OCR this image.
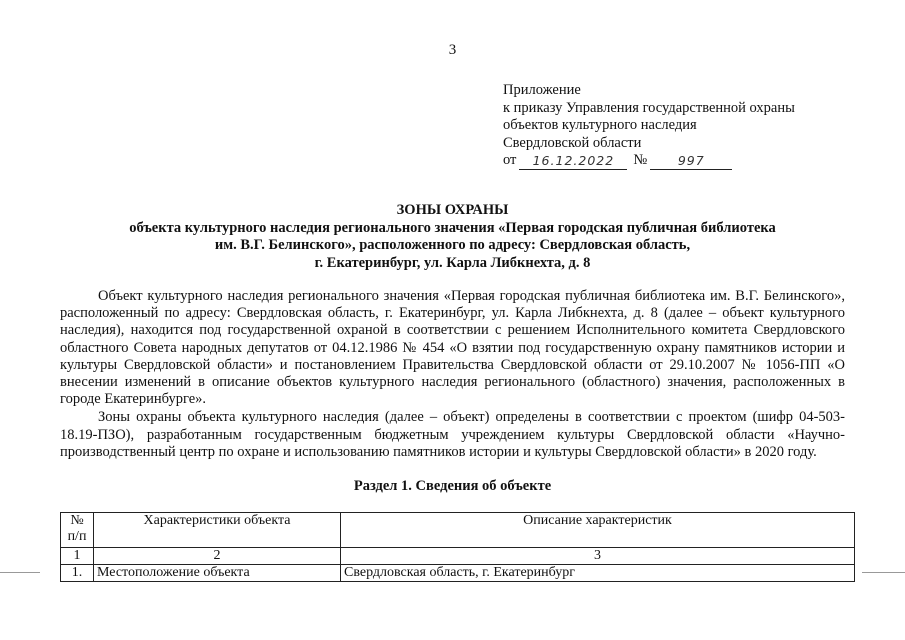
3
Приложение
к приказу Управления государственной охраны
объектов культурного наследия
Свердловской области
от	16.12.2022	№	997
ЗОНЫ ОХРАНЫ
объекта культурного наследия регионального значения «Первая городская публичная библиотека
им. В.Г. Белинского», расположенного по адресу: Свердловская область,
г. Екатеринбург, ул. Карла Либкнехта, д. 8

Объект культурного наследия регионального значения «Первая городская публичная библиотека им. В.Г. Белинского», расположенный по адресу: Свердловская область, г. Екатеринбург, ул. Карла Либкнехта, д. 8 (далее – объект культурного наследия), находится под государственной охраной в соответствии с решением Исполнительного комитета Свердловского областного Совета народных депутатов от 04.12.1986 № 454 «О взятии под государственную охрану памятников истории и культуры Свердловской области» и постановлением Правительства Свердловской области от 29.10.2007 № 1056-ПП «О внесении изменений в описание объектов культурного наследия регионального (областного) значения, расположенных в городе Екатеринбурге».

Зоны охраны объекта культурного наследия (далее – объект) определены в соответствии с проектом (шифр 04-503-18.19-ПЗО), разработанным государственным бюджетным учреждением культуры Свердловской области «Научно-производственный центр по охране и использованию памятников истории и культуры Свердловской области» в 2020 году.

Раздел 1. Сведения об объекте
№ п/п	Характеристики объекта	Описание характеристик
1	2	3
1.	Местоположение объекта	Свердловская область, г. Екатеринбург
